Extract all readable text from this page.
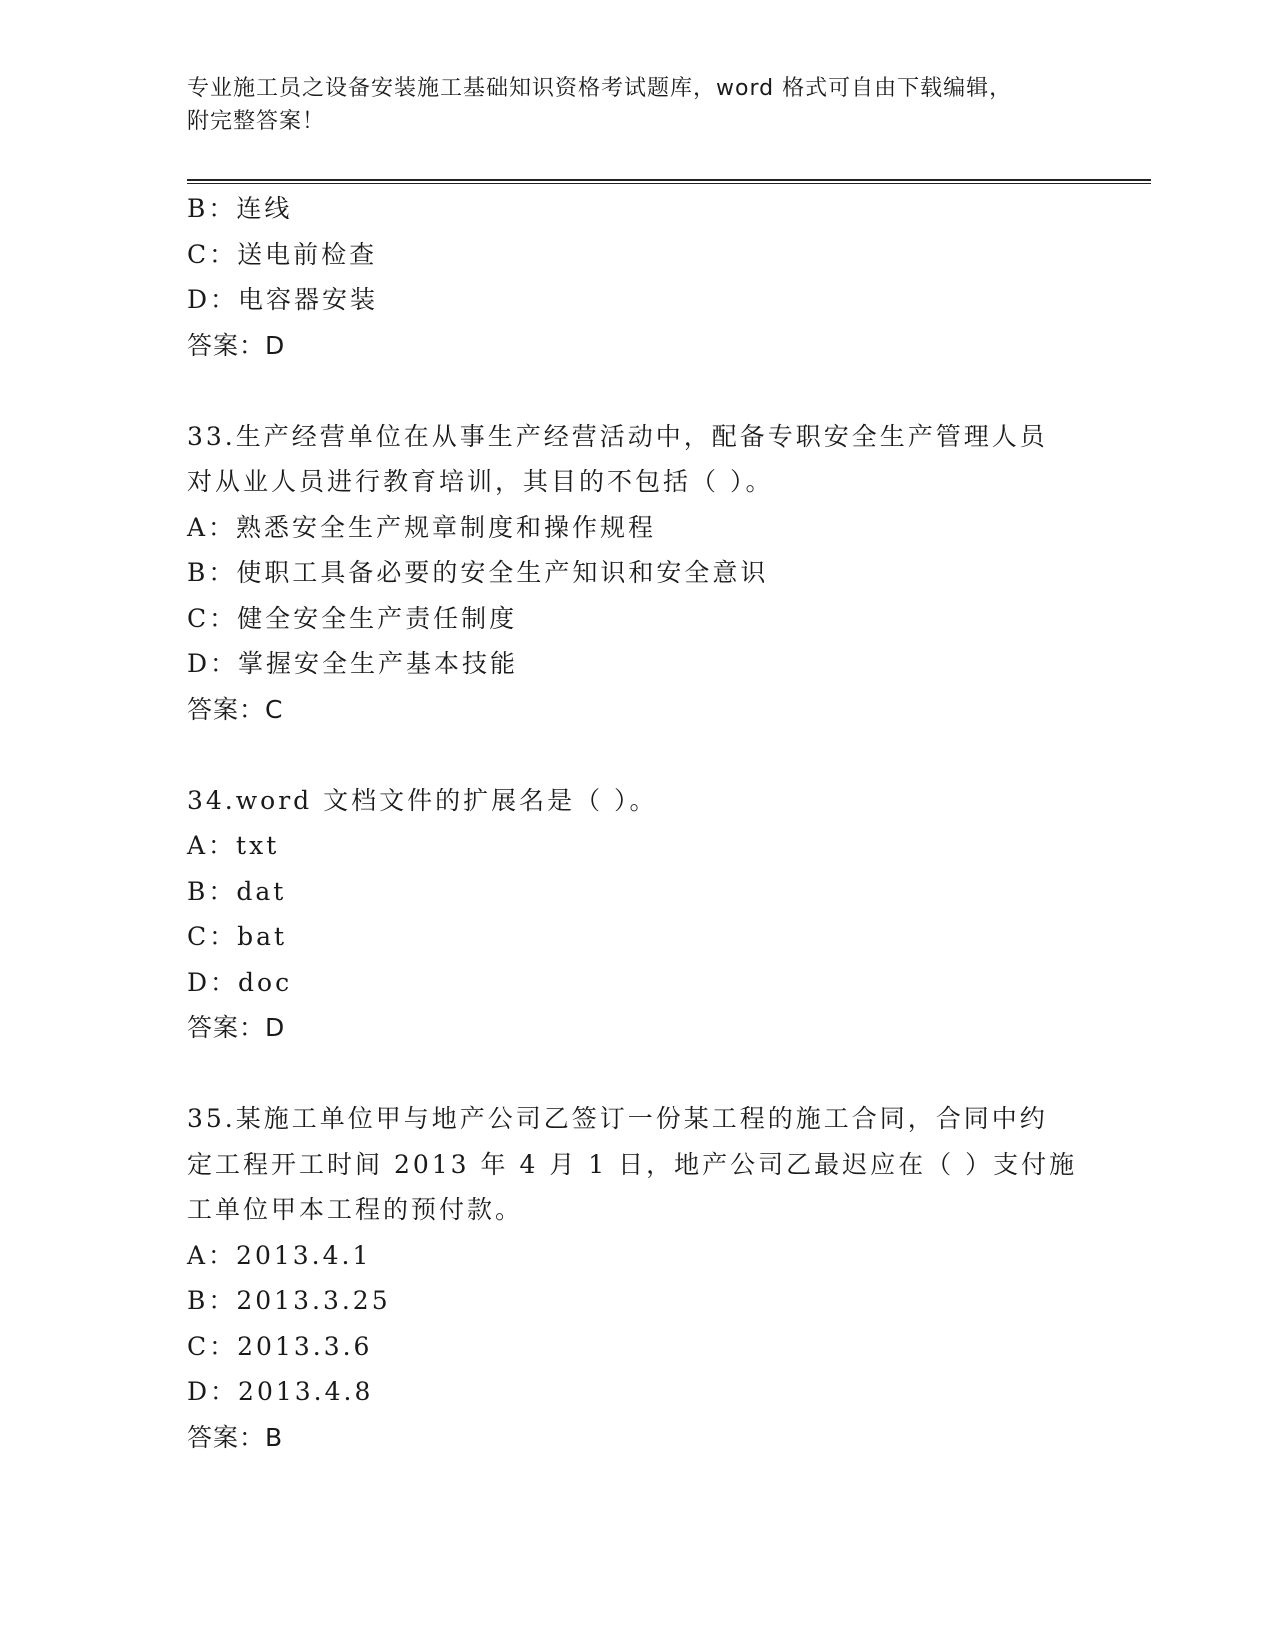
专业施工员之设备安装施工基础知识资格考试题库，word 格式可自由下载编辑，
附完整答案！
B：连线
C：送电前检查
D：电容器安装
答案：D
33.生产经营单位在从事生产经营活动中，配备专职安全生产管理人员
对从业人员进行教育培训，其目的不包括（ ）。
A：熟悉安全生产规章制度和操作规程
B：使职工具备必要的安全生产知识和安全意识
C：健全安全生产责任制度
D：掌握安全生产基本技能
答案：C
34.word 文档文件的扩展名是（ ）。
A：txt
B：dat
C：bat
D：doc
答案：D
35.某施工单位甲与地产公司乙签订一份某工程的施工合同，合同中约
定工程开工时间 2013 年 4 月 1 日，地产公司乙最迟应在（ ）支付施
工单位甲本工程的预付款。
A：2013.4.1
B：2013.3.25
C：2013.3.6
D：2013.4.8
答案：B
